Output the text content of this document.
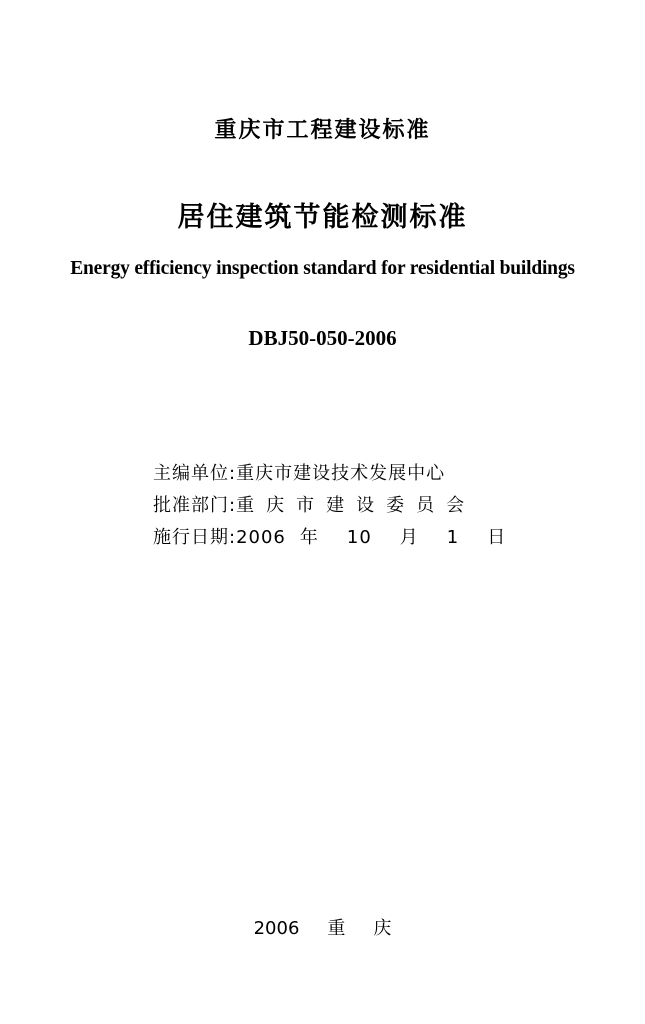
重庆市工程建设标准
居住建筑节能检测标准
Energy efficiency inspection standard for residential buildings
DBJ50-050-2006
主编单位:重庆市建设技术发展中心
批准部门:重庆市建设委员会
施行日期:2006 年 10 月 1 日
2006 重 庆
